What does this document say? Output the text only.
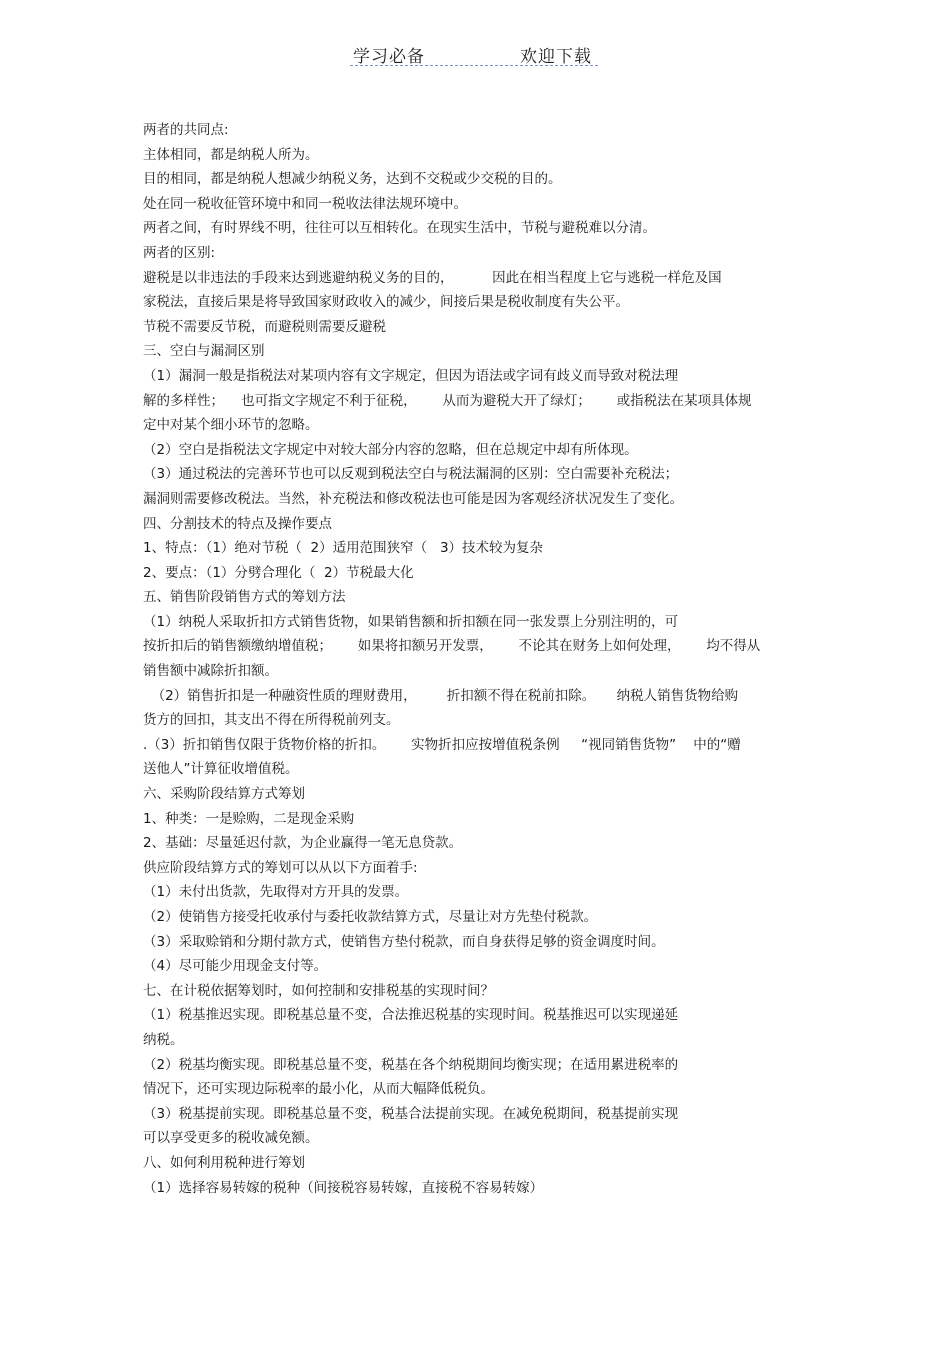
学习必备	欢迎下载
两者的共同点:
主体相同，都是纳税人所为。
目的相同，都是纳税人想减少纳税义务，达到不交税或少交税的目的。
处在同一税收征管环境中和同一税收法律法规环境中。
两者之间，有时界线不明，往往可以互相转化。在现实生活中，节税与避税难以分清。
两者的区别:
避税是以非违法的手段来达到逃避纳税义务的目的，         因此在相当程度上它与逃税一样危及国
家税法，直接后果是将导致国家财政收入的减少，间接后果是税收制度有失公平。
节税不需要反节税，而避税则需要反避税
三、空白与漏洞区别
（1）漏洞一般是指税法对某项内容有文字规定，但因为语法或字词有歧义而导致对税法理
解的多样性；    也可指文字规定不利于征税，      从而为避税大开了绿灯；      或指税法在某项具体规
定中对某个细小环节的忽略。
（2）空白是指税法文字规定中对较大部分内容的忽略，但在总规定中却有所体现。
（3）通过税法的完善环节也可以反观到税法空白与税法漏洞的区别：空白需要补充税法；
漏洞则需要修改税法。当然，补充税法和修改税法也可能是因为客观经济状况发生了变化。
四、分割技术的特点及操作要点
1、特点：（1）绝对节税（  2）适用范围狭窄（   3）技术较为复杂
2、要点：（1）分劈合理化（  2）节税最大化
五、销售阶段销售方式的筹划方法
（1）纳税人采取折扣方式销售货物，如果销售额和折扣额在同一张发票上分别注明的，可
按折扣后的销售额缴纳增值税；      如果将扣额另开发票，      不论其在财务上如何处理，      均不得从
销售额中减除折扣额。
（2）销售折扣是一种融资性质的理财费用，       折扣额不得在税前扣除。     纳税人销售货物给购
货方的回扣，其支出不得在所得税前列支。
.（3）折扣销售仅限于货物价格的折扣。      实物折扣应按增值税条例     “视同销售货物”    中的“赠
送他人”计算征收增值税。
六、采购阶段结算方式筹划
1、种类：一是赊购，二是现金采购
2、基础：尽量延迟付款，为企业赢得一笔无息贷款。
供应阶段结算方式的筹划可以从以下方面着手:
（1）未付出货款，先取得对方开具的发票。
（2）使销售方接受托收承付与委托收款结算方式，尽量让对方先垫付税款。
（3）采取赊销和分期付款方式，使销售方垫付税款，而自身获得足够的资金调度时间。
（4）尽可能少用现金支付等。
七、在计税依据筹划时，如何控制和安排税基的实现时间？
（1）税基推迟实现。即税基总量不变，合法推迟税基的实现时间。税基推迟可以实现递延
纳税。
（2）税基均衡实现。即税基总量不变，税基在各个纳税期间均衡实现；在适用累进税率的
情况下，还可实现边际税率的最小化，从而大幅降低税负。
（3）税基提前实现。即税基总量不变，税基合法提前实现。在减免税期间，税基提前实现
可以享受更多的税收减免额。
八、如何利用税种进行筹划
（1）选择容易转嫁的税种（间接税容易转嫁，直接税不容易转嫁）
